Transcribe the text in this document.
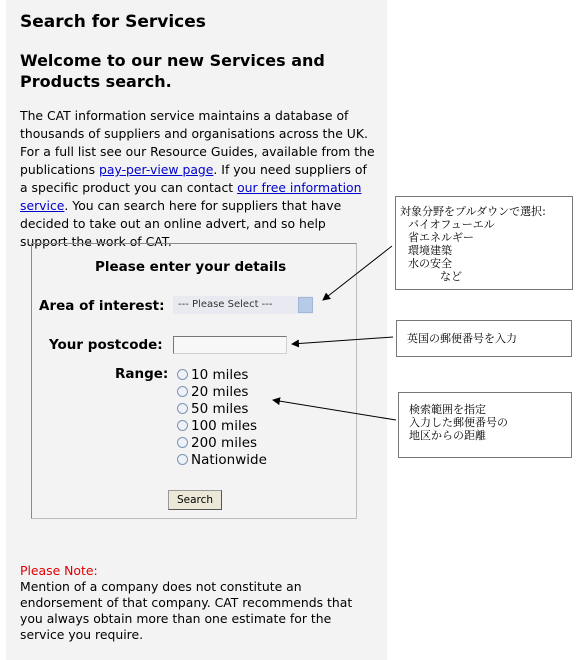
Search for Services
Welcome to our new Services and Products search.

The CAT information service maintains a database of thousands of suppliers and organisations across the UK. For a full list see our Resource Guides, available from the publications pay-per-view page. If you need suppliers of a specific product you can contact our free information service. You can search here for suppliers that have decided to take out an online advert, and so help support the work of CAT.

Please enter your details
Area of interest: --- Please Select ---
Your postcode:
Range: 10 miles
20 miles
50 miles
100 miles
200 miles
Nationwide
Search
Please Note:

Mention of a company does not constitute an endorsement of that company. CAT recommends that you always obtain more than one estimate for the service you require.

対象分野をプルダウンで選択:
バイオフューエル
省エネルギー
環境建築
水の安全
など
英国の郵便番号を入力
検索範囲を指定
入力した郵便番号の
地区からの距離
